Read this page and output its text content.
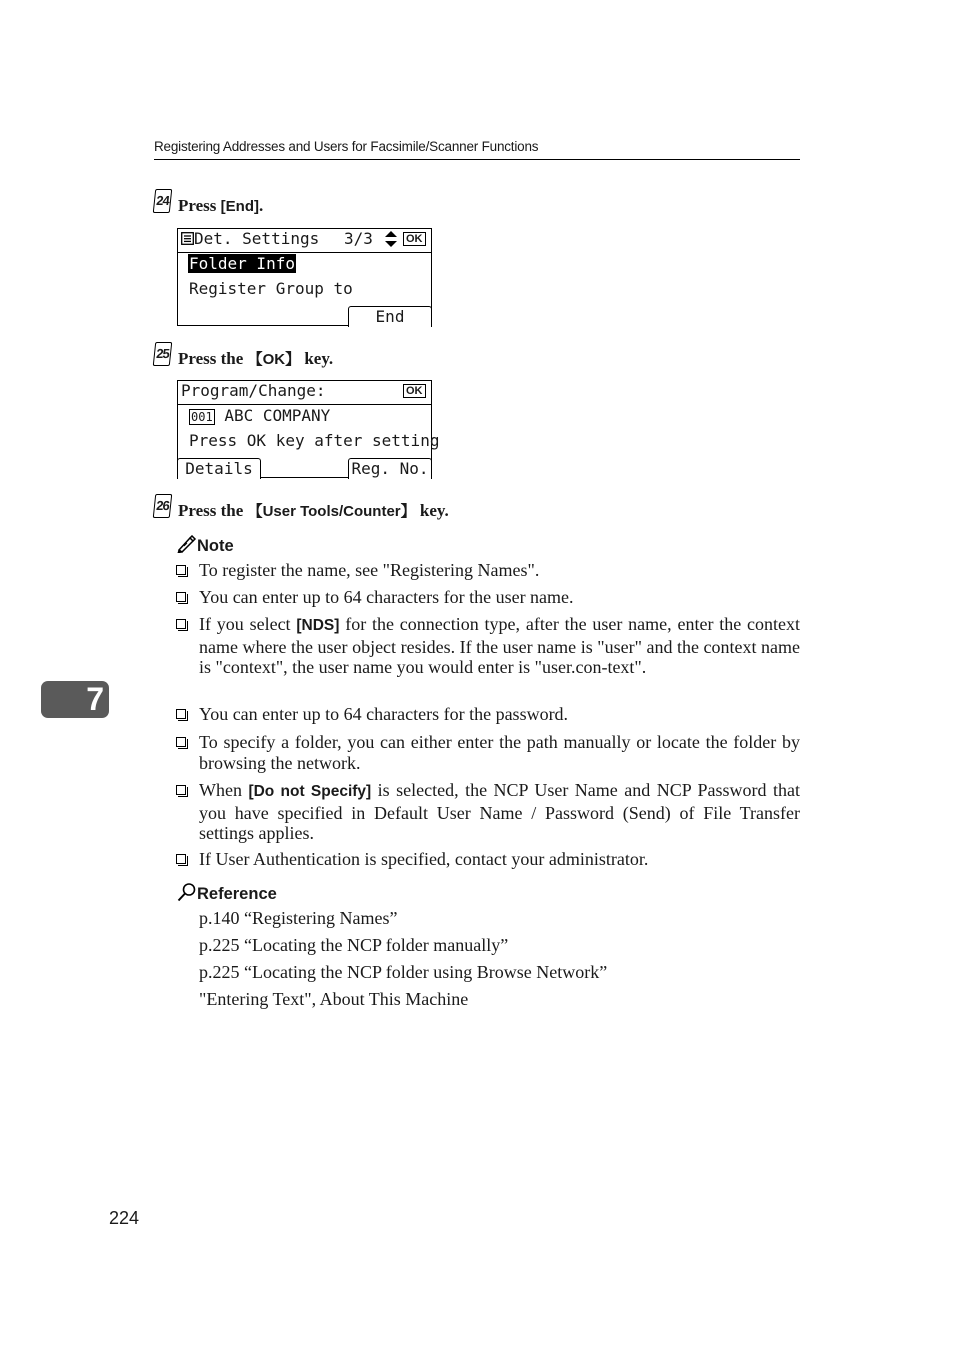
Registering Addresses and Users for Facsimile/Scanner Functions
24 Press [End].
Det. Settings 3/3	OK
Folder Info
Register Group to
End
25 Press the 【OK】 key.
Program/Change:	OK
001 ABC COMPANY
Press OK key after setting
Details	Reg. No.
26 Press the 【User Tools/Counter】 key.
Note
To register the name, see "Registering Names".
You can enter up to 64 characters for the user name.
If you select [NDS] for the connection type, after the user name, enter the context name where the user object resides. If the user name is "user" and the context name is "context", the user name you would enter is "user.con-text".
You can enter up to 64 characters for the password.
To specify a folder, you can either enter the path manually or locate the folder by browsing the network.
When [Do not Specify] is selected, the NCP User Name and NCP Password that you have specified in Default User Name / Password (Send) of File Transfer settings applies.
If User Authentication is specified, contact your administrator.
Reference
p.140 “Registering Names”
p.225 “Locating the NCP folder manually”
p.225 “Locating the NCP folder using Browse Network”
"Entering Text", About This Machine
7
224
